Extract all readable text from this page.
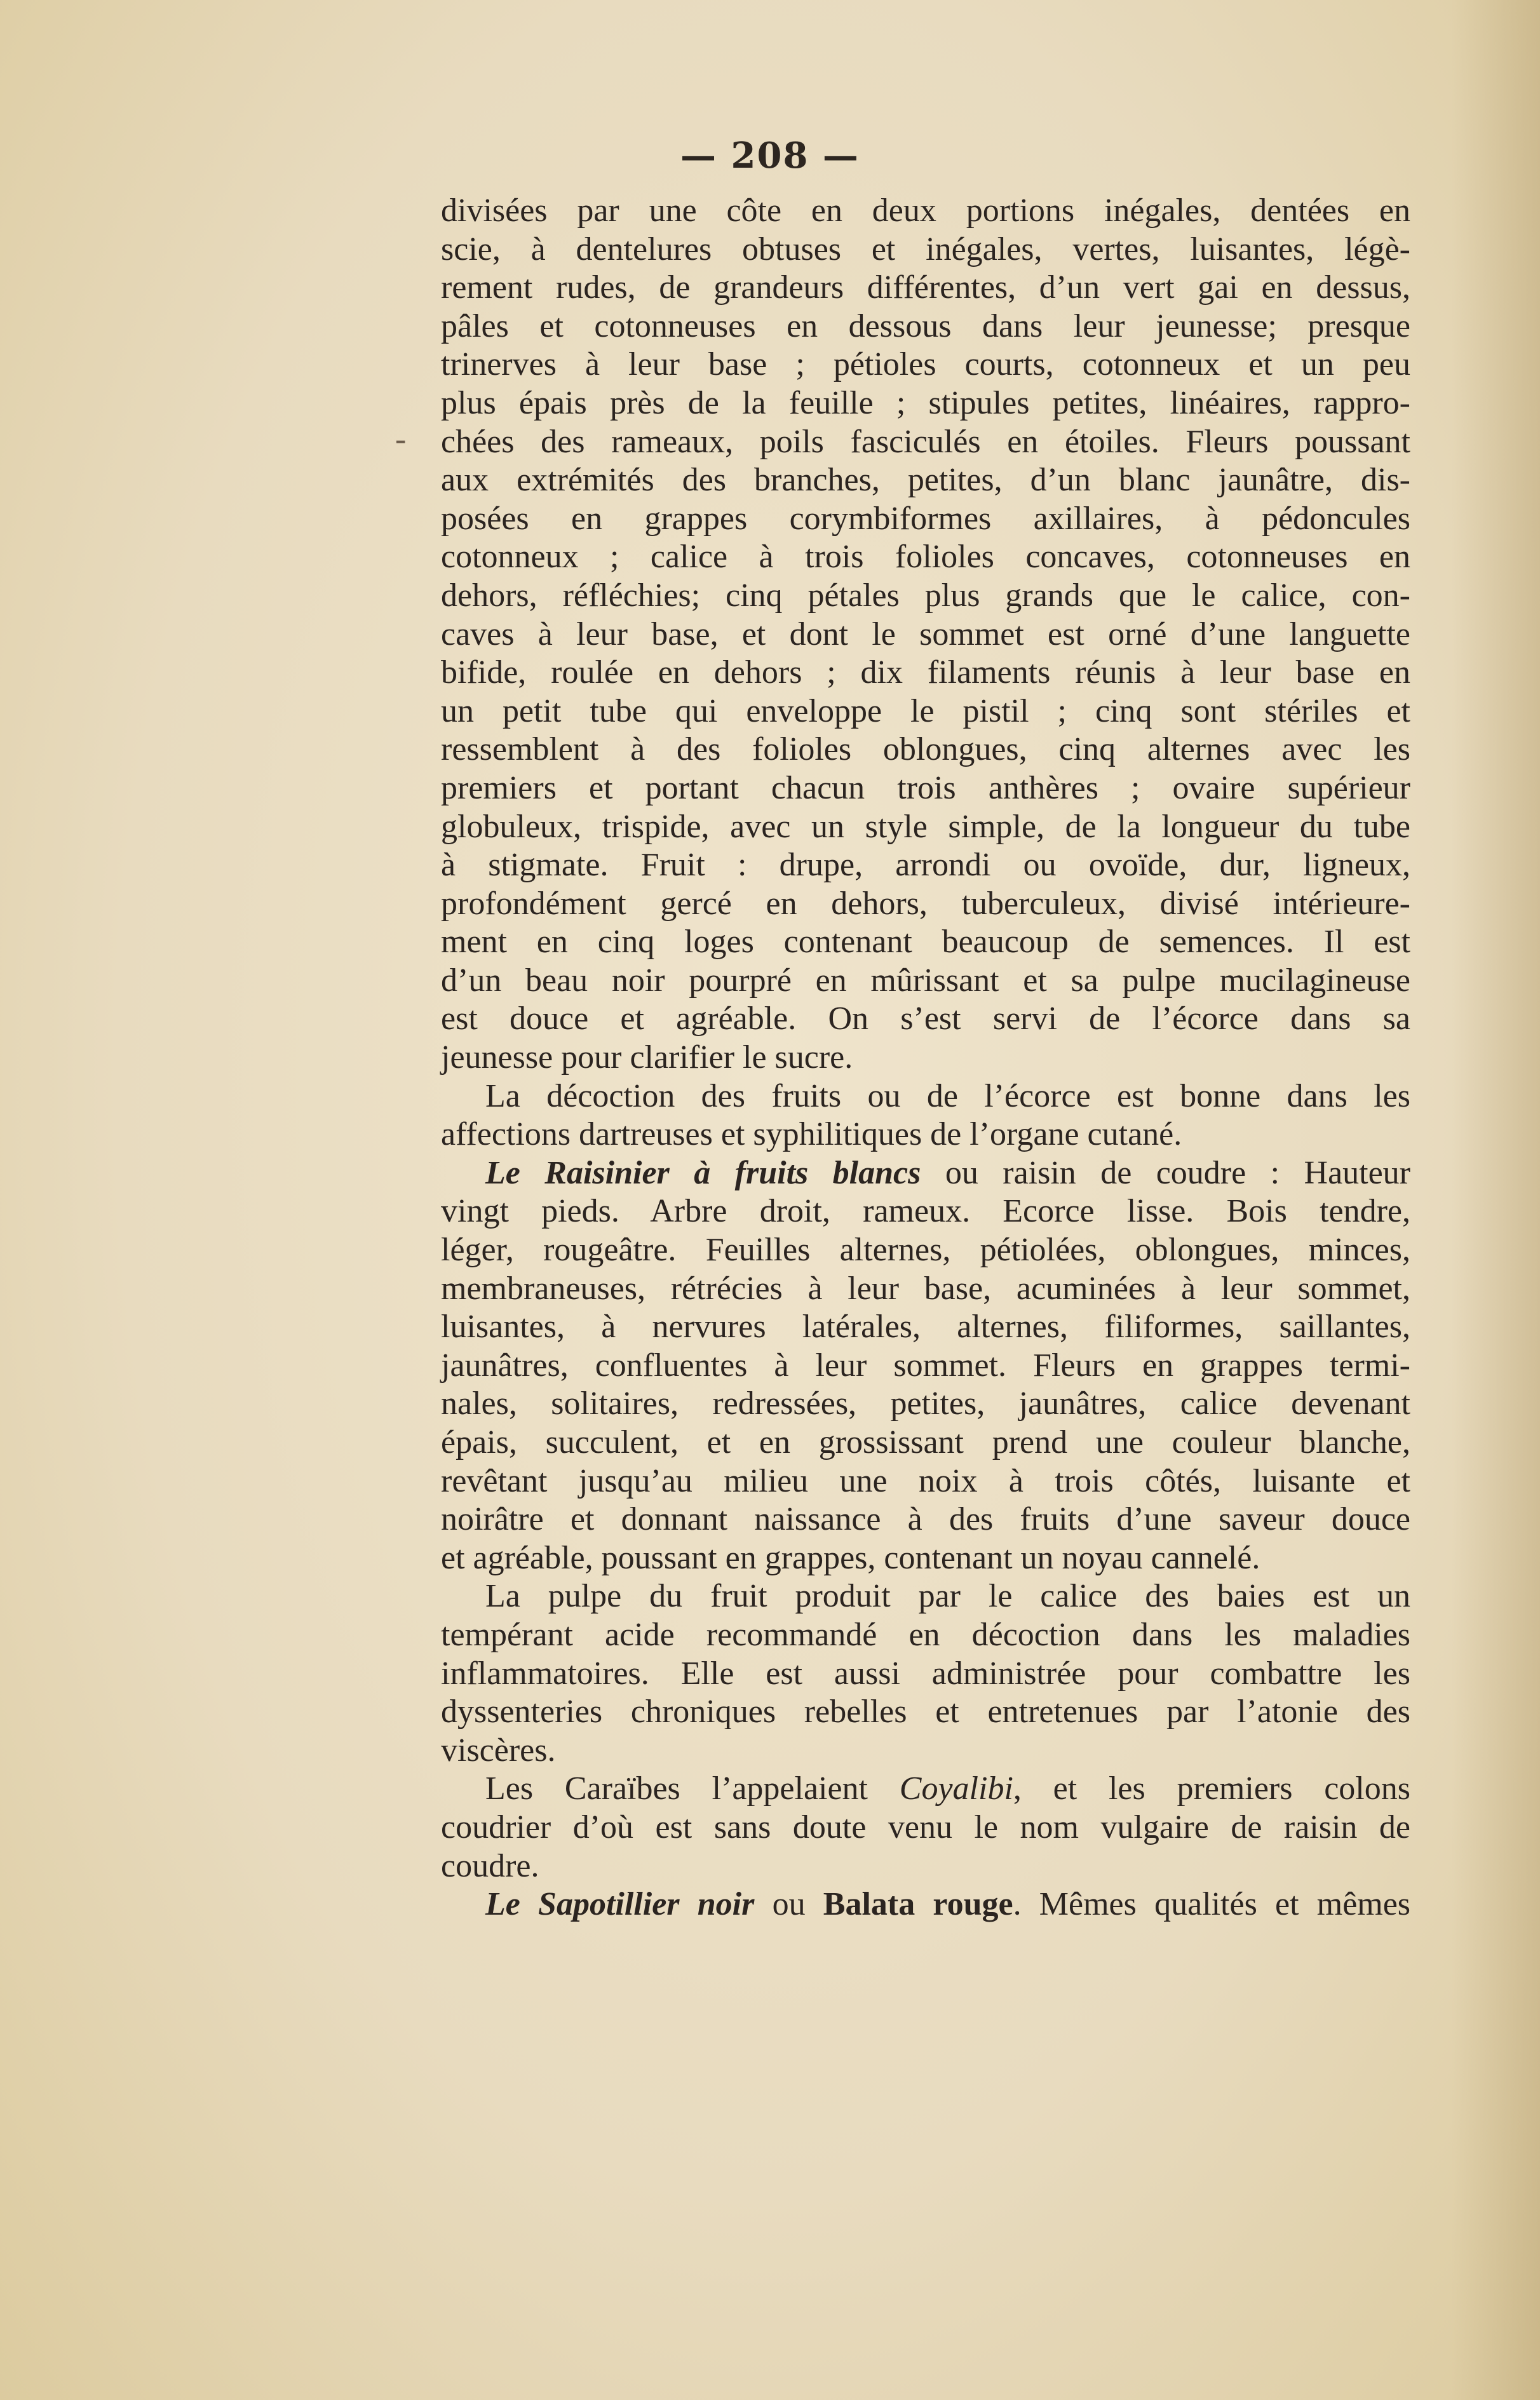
— 208 —
-
divisées par une côte en deux portions inégales, dentées en
scie, à dentelures obtuses et inégales, vertes, luisantes, légè-
rement rudes, de grandeurs différentes, d’un vert gai en dessus,
pâles et cotonneuses en dessous dans leur jeunesse; presque
trinerves à leur base ; pétioles courts, cotonneux et un peu
plus épais près de la feuille ; stipules petites, linéaires, rappro-
chées des rameaux, poils fasciculés en étoiles. Fleurs poussant
aux extrémités des branches, petites, d’un blanc jaunâtre, dis-
posées en grappes corymbiformes axillaires, à pédoncules
cotonneux ; calice à trois folioles concaves, cotonneuses en
dehors, réfléchies; cinq pétales plus grands que le calice, con-
caves à leur base, et dont le sommet est orné d’une languette
bifide, roulée en dehors ; dix filaments réunis à leur base en
un petit tube qui enveloppe le pistil ; cinq sont stériles et
ressemblent à des folioles oblongues, cinq alternes avec les
premiers et portant chacun trois anthères ; ovaire supérieur
globuleux, trispide, avec un style simple, de la longueur du tube
à stigmate. Fruit : drupe, arrondi ou ovoïde, dur, ligneux,
profondément gercé en dehors, tuberculeux, divisé intérieure-
ment en cinq loges contenant beaucoup de semences. Il est
d’un beau noir pourpré en mûrissant et sa pulpe mucilagineuse
est douce et agréable. On s’est servi de l’écorce dans sa
jeunesse pour clarifier le sucre.
La décoction des fruits ou de l’écorce est bonne dans les
affections dartreuses et syphilitiques de l’organe cutané.
Le Raisinier à fruits blancs ou raisin de coudre : Hauteur
vingt pieds. Arbre droit, rameux. Ecorce lisse. Bois tendre,
léger, rougeâtre. Feuilles alternes, pétiolées, oblongues, minces,
membraneuses, rétrécies à leur base, acuminées à leur sommet,
luisantes, à nervures latérales, alternes, filiformes, saillantes,
jaunâtres, confluentes à leur sommet. Fleurs en grappes termi-
nales, solitaires, redressées, petites, jaunâtres, calice devenant
épais, succulent, et en grossissant prend une couleur blanche,
revêtant jusqu’au milieu une noix à trois côtés, luisante et
noirâtre et donnant naissance à des fruits d’une saveur douce
et agréable, poussant en grappes, contenant un noyau cannelé.
La pulpe du fruit produit par le calice des baies est un
tempérant acide recommandé en décoction dans les maladies
inflammatoires. Elle est aussi administrée pour combattre les
dyssenteries chroniques rebelles et entretenues par l’atonie des
viscères.
Les Caraïbes l’appelaient Coyalibi, et les premiers colons
coudrier d’où est sans doute venu le nom vulgaire de raisin de
coudre.
Le Sapotillier noir ou Balata rouge. Mêmes qualités et mêmes
